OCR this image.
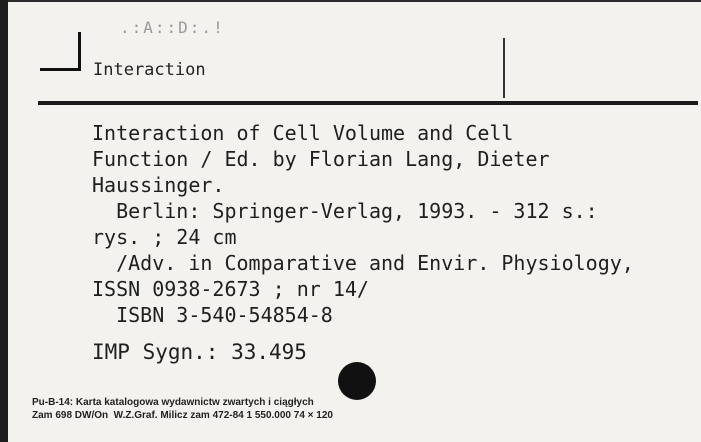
.:A::D:.!
Interaction
Interaction of Cell Volume and Cell
Function / Ed. by Florian Lang, Dieter
Haussinger.
Berlin: Springer-Verlag, 1993. - 312 s.:
rys. ; 24 cm
/Adv. in Comparative and Envir. Physiology,
ISSN 0938-2673 ; nr 14/
ISBN 3-540-54854-8
IMP Sygn.: 33.495
Pu-B-14: Karta katalogowa wydawnictw zwartych i ciągłych
Zam 698 DW/On  W.Z.Graf. Milicz zam 472-84 1 550.000 74 × 120
